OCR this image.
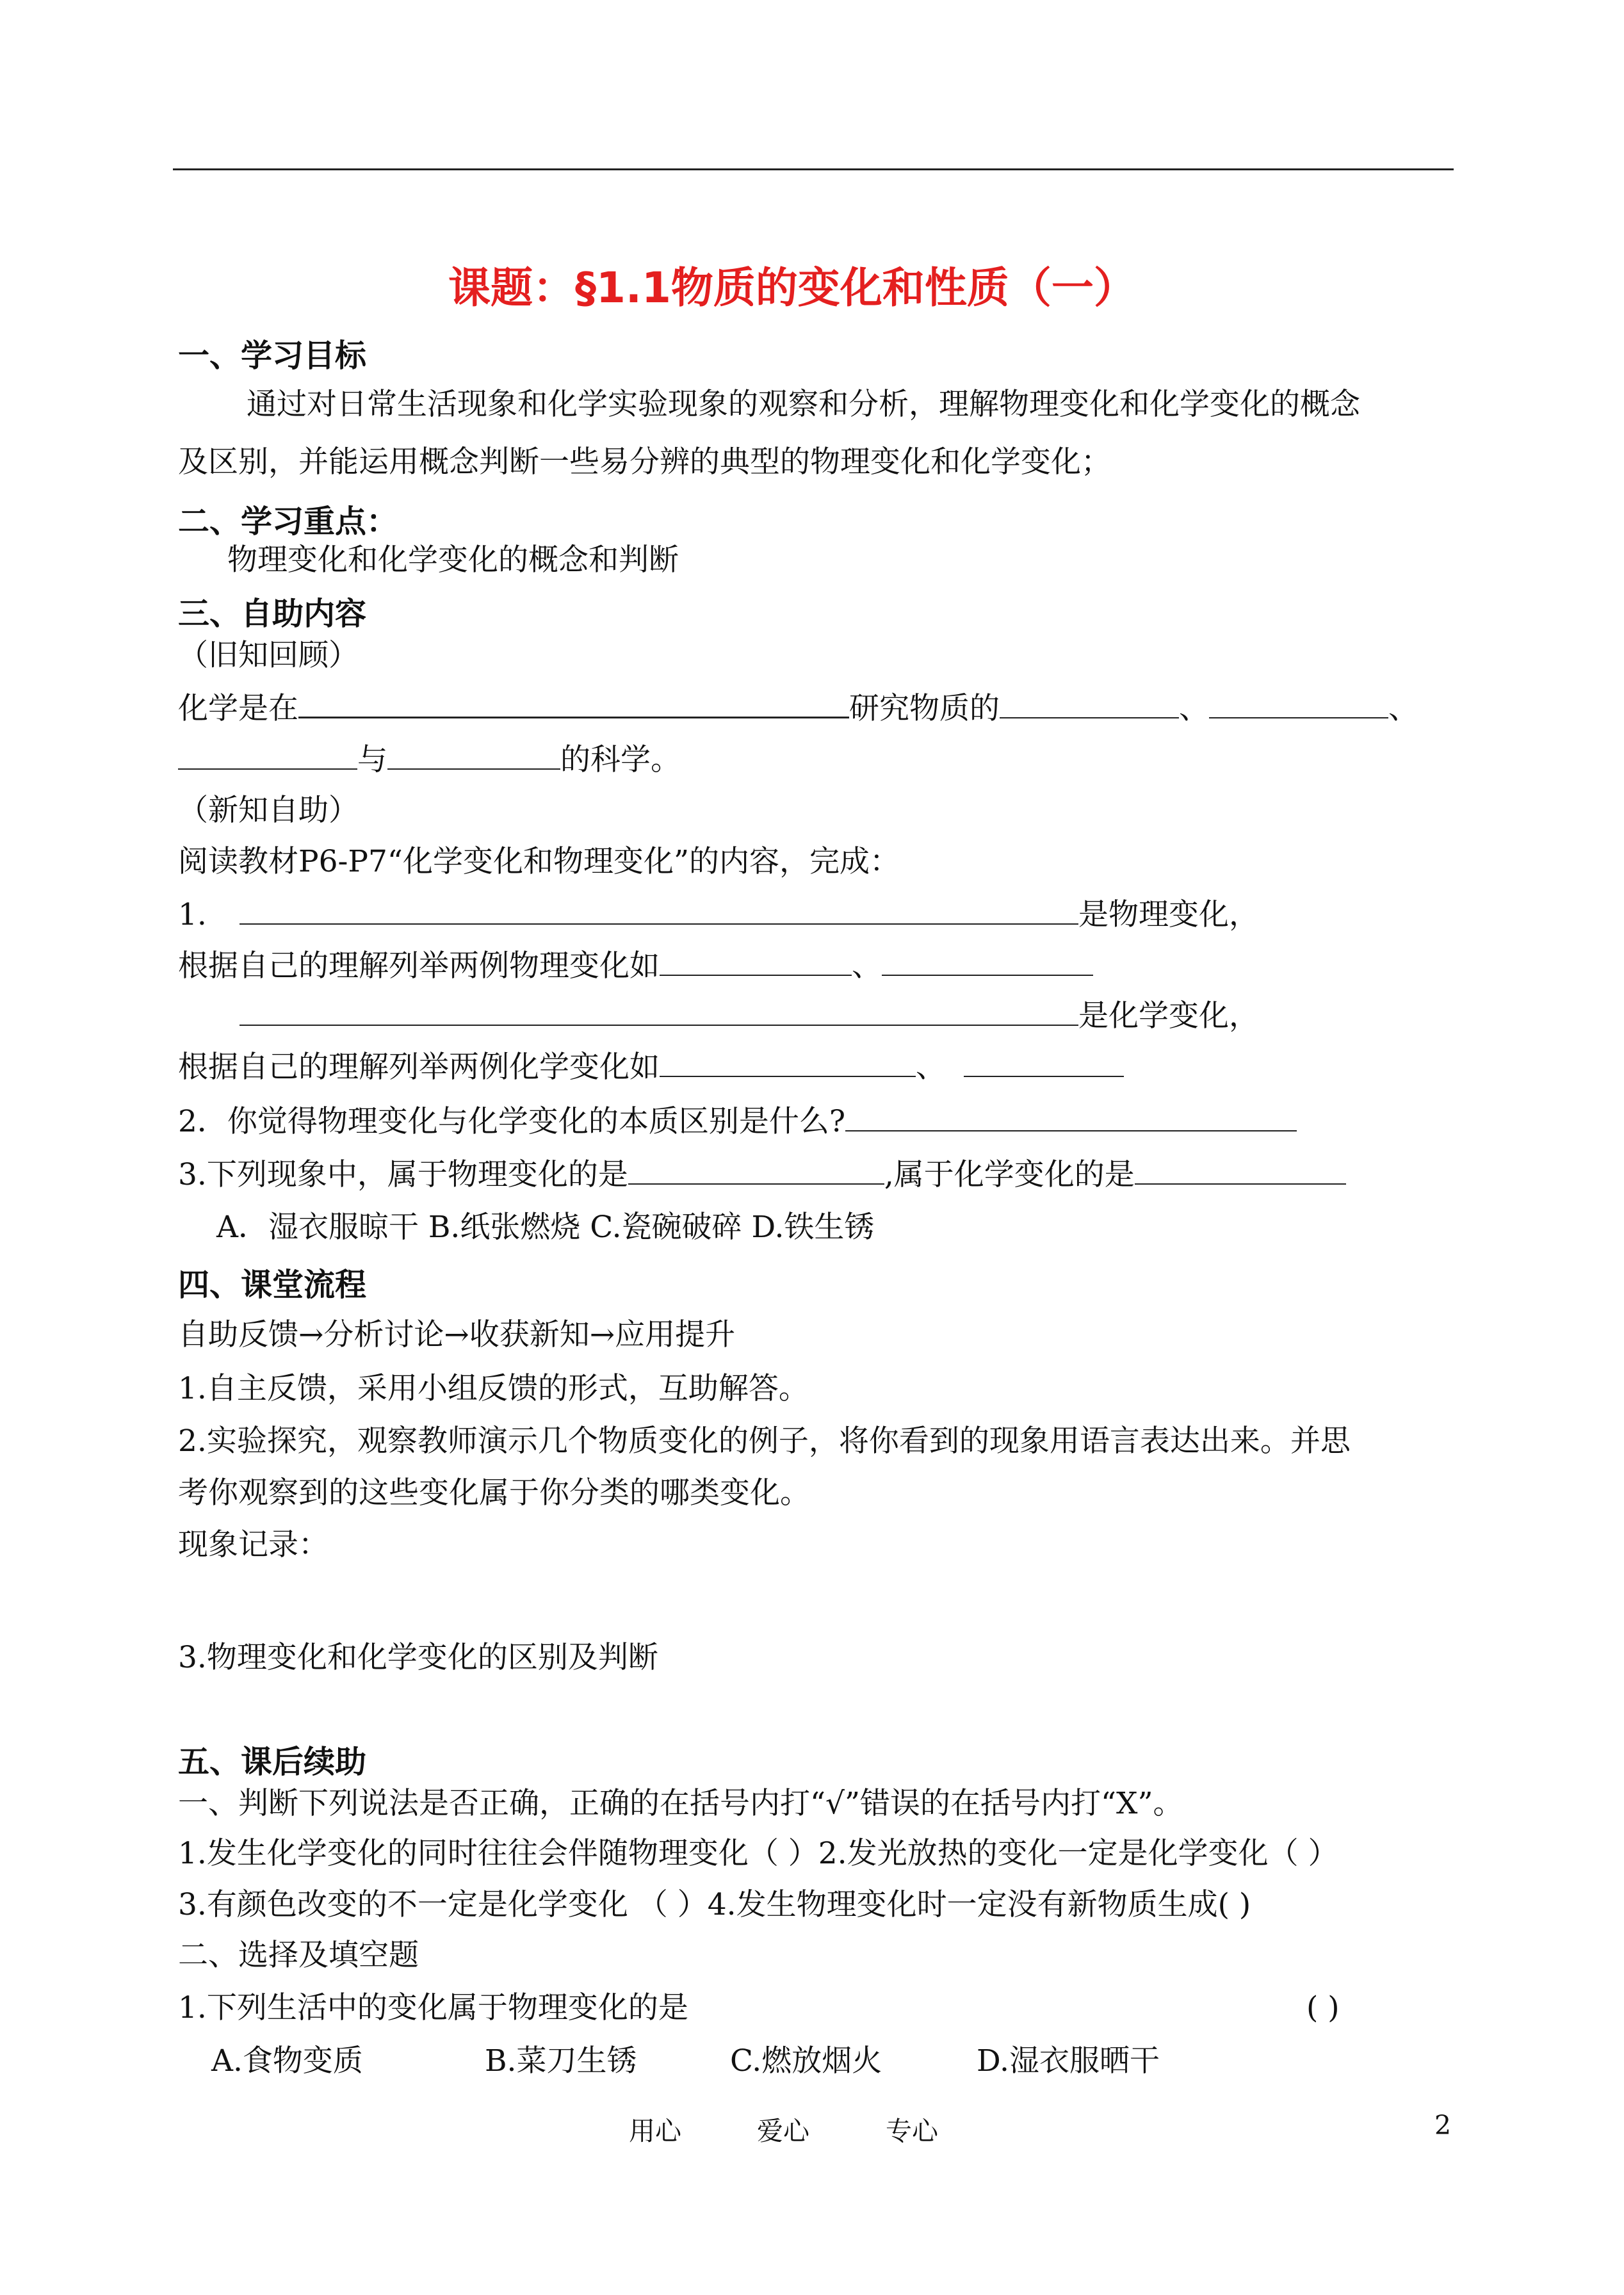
课题：§1.1物质的变化和性质（一）
一、学习目标
通过对日常生活现象和化学实验现象的观察和分析，理解物理变化和化学变化的概念
及区别，并能运用概念判断一些易分辨的典型的物理变化和化学变化；
二、学习重点：
物理变化和化学变化的概念和判断
三、自助内容
（旧知回顾）
化学是在	研究物质的	、	、
与	的科学。
（新知自助）
阅读教材P6-P7“化学变化和物理变化”的内容，完成：
1.	是物理变化，
根据自己的理解列举两例物理变化如	、
是化学变化，
根据自己的理解列举两例化学变化如	、
2．你觉得物理变化与化学变化的本质区别是什么?
3.下列现象中，属于物理变化的是	,属于化学变化的是
A．湿衣服晾干 B.纸张燃烧 C.瓷碗破碎 D.铁生锈
四、课堂流程
自助反馈→分析讨论→收获新知→应用提升
1.自主反馈，采用小组反馈的形式，互助解答。
2.实验探究，观察教师演示几个物质变化的例子，将你看到的现象用语言表达出来。并思
考你观察到的这些变化属于你分类的哪类变化。
现象记录：
3.物理变化和化学变化的区别及判断
五、课后续助
一、判断下列说法是否正确，正确的在括号内打“√”错误的在括号内打“X”。
1.发生化学变化的同时往往会伴随物理变化（ ）2.发光放热的变化一定是化学变化（ ）
3.有颜色改变的不一定是化学变化 （ ）4.发生物理变化时一定没有新物质生成( )
二、选择及填空题
1.下列生活中的变化属于物理变化的是	( )
A.食物变质	B.菜刀生锈	C.燃放烟火	D.湿衣服晒干
用心	爱心	专心	2
